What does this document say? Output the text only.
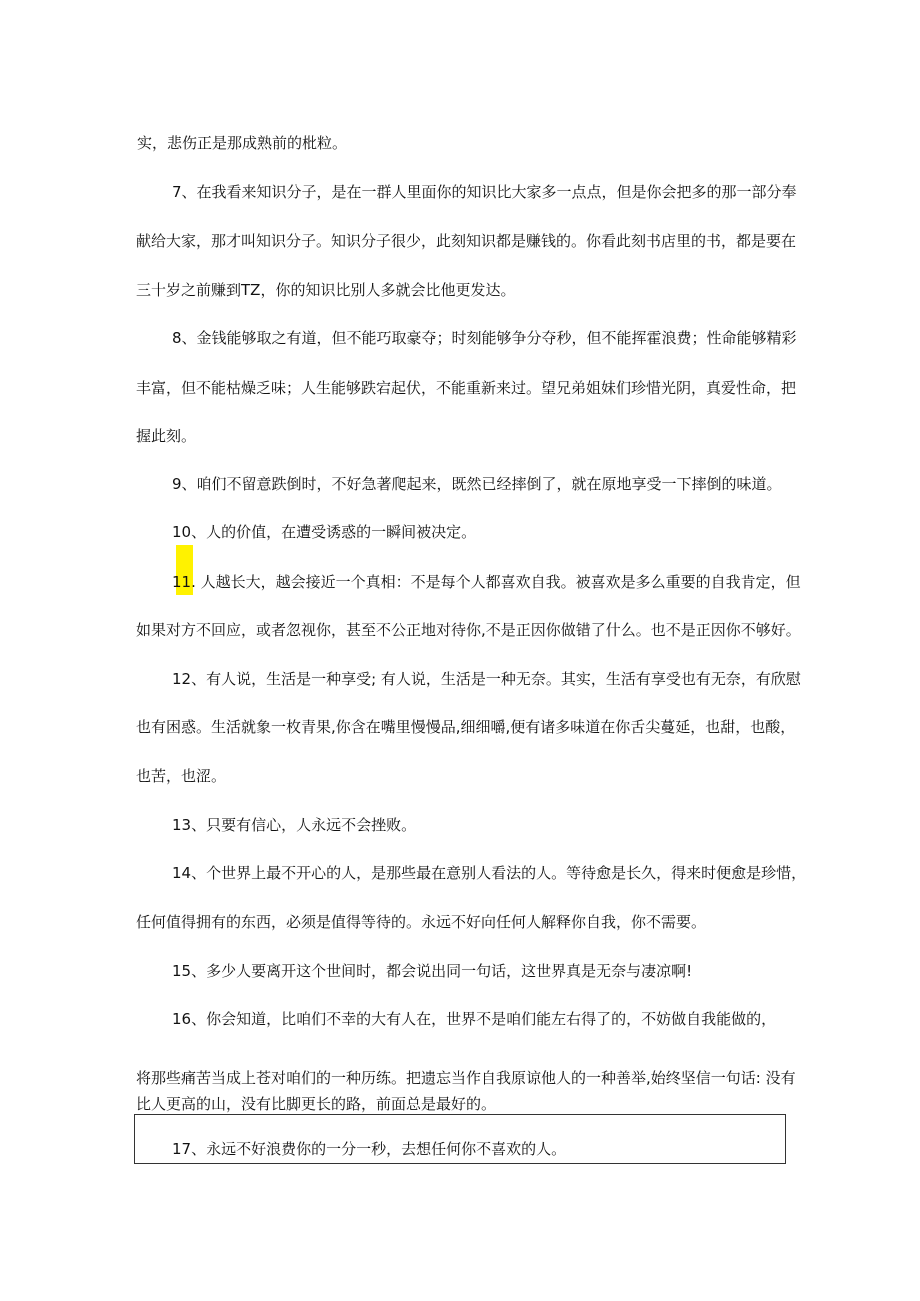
实，悲伤正是那成熟前的枇粒。
7、在我看来知识分子，是在一群人里面你的知识比大家多一点点，但是你会把多的那一部分奉
献给大家，那才叫知识分子。知识分子很少，此刻知识都是赚钱的。你看此刻书店里的书，都是要在
三十岁之前赚到TZ，你的知识比别人多就会比他更发达。
8、金钱能够取之有道，但不能巧取豪夺；时刻能够争分夺秒，但不能挥霍浪费；性命能够精彩
丰富，但不能枯燥乏味；人生能够跌宕起伏，不能重新来过。望兄弟姐妹们珍惜光阴，真爱性命，把
握此刻。
9、咱们不留意跌倒时，不好急著爬起来，既然已经摔倒了，就在原地享受一下摔倒的味道。
10、人的价值，在遭受诱惑的一瞬间被决定。
11. 人越长大，越会接近一个真相：不是每个人都喜欢自我。被喜欢是多么重要的自我肯定，但
如果对方不回应，或者忽视你，甚至不公正地对待你,不是正因你做错了什么。也不是正因你不够好。
12、有人说，生活是一种享受; 有人说，生活是一种无奈。其实，生活有享受也有无奈，有欣慰
也有困惑。生活就象一枚青果,你含在嘴里慢慢品,细细嚼,便有诸多味道在你舌尖蔓延，也甜，也酸，
也苦，也涩。
13、只要有信心，人永远不会挫败。
14、个世界上最不开心的人，是那些最在意别人看法的人。等待愈是长久，得来时便愈是珍惜，
任何值得拥有的东西，必须是值得等待的。永远不好向任何人解释你自我，你不需要。
15、多少人要离开这个世间时，都会说出同一句话，这世界真是无奈与凄凉啊!
16、你会知道，比咱们不幸的大有人在，世界不是咱们能左右得了的，不妨做自我能做的，
将那些痛苦当成上苍对咱们的一种历练。把遗忘当作自我原谅他人的一种善举,始终坚信一句话: 没有
比人更高的山，没有比脚更长的路，前面总是最好的。
17、永远不好浪费你的一分一秒，去想任何你不喜欢的人。
